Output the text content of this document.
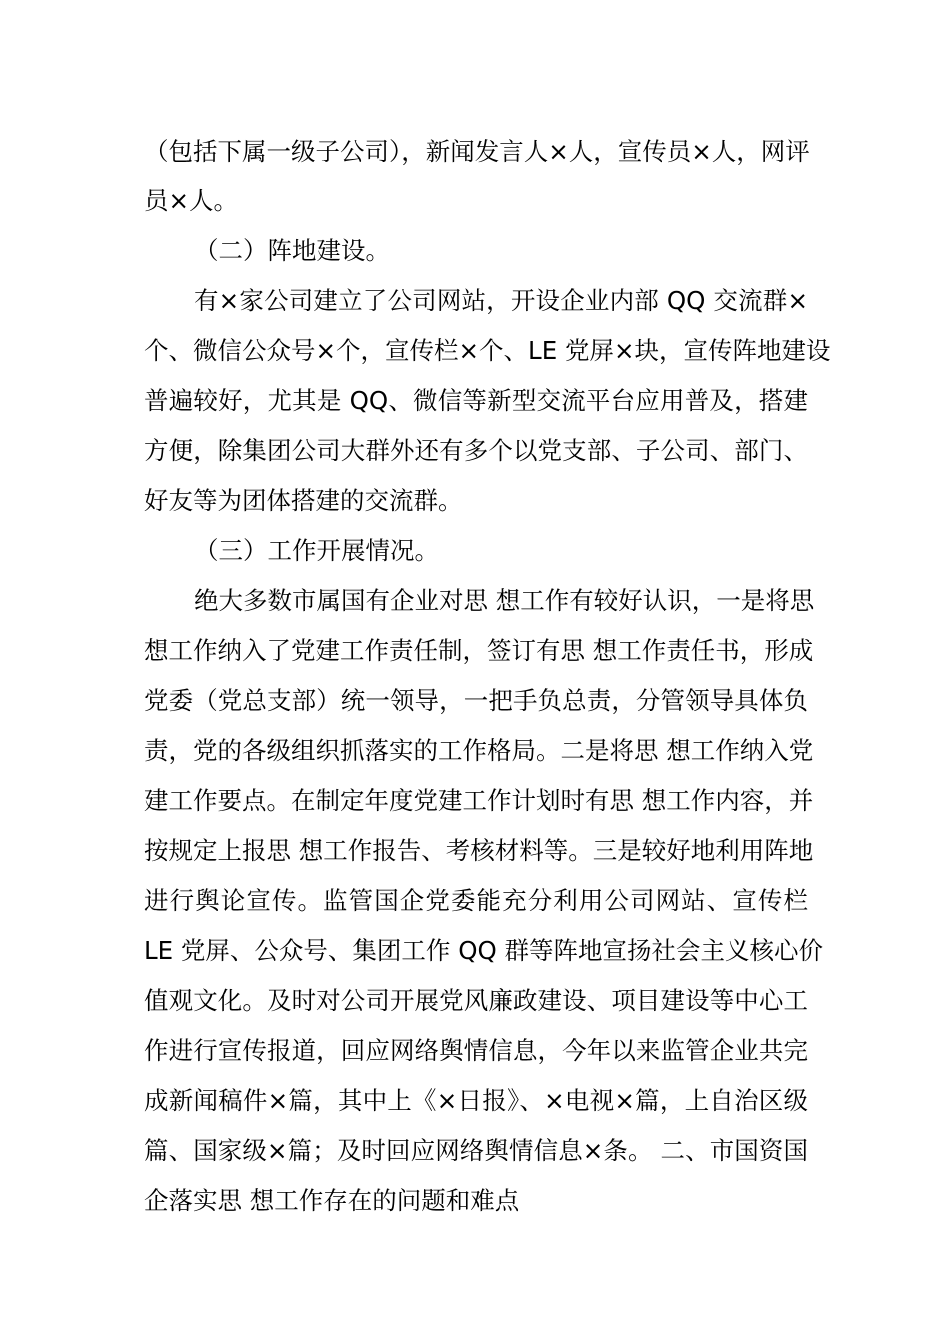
（包括下属一级子公司），新闻发言人×人，宣传员×人，网评
员×人。
（二）阵地建设。
有×家公司建立了公司网站，开设企业内部 QQ 交流群×
个、微信公众号×个，宣传栏×个、LE 党屏×块，宣传阵地建设
普遍较好，尤其是 QQ、微信等新型交流平台应用普及，搭建
方便，除集团公司大群外还有多个以党支部、子公司、部门、
好友等为团体搭建的交流群。
（三）工作开展情况。
绝大多数市属国有企业对思 想工作有较好认识，一是将思
想工作纳入了党建工作责任制，签订有思 想工作责任书，形成
党委（党总支部）统一领导，一把手负总责，分管领导具体负
责，党的各级组织抓落实的工作格局。二是将思 想工作纳入党
建工作要点。在制定年度党建工作计划时有思 想工作内容，并
按规定上报思 想工作报告、考核材料等。三是较好地利用阵地
进行舆论宣传。监管国企党委能充分利用公司网站、宣传栏
LE 党屏、公众号、集团工作 QQ 群等阵地宣扬社会主义核心价
值观文化。及时对公司开展党风廉政建设、项目建设等中心工
作进行宣传报道，回应网络舆情信息，今年以来监管企业共完
成新闻稿件×篇，其中上《×日报》、×电视×篇，上自治区级
篇、国家级×篇；及时回应网络舆情信息×条。 二、市国资国
企落实思 想工作存在的问题和难点
